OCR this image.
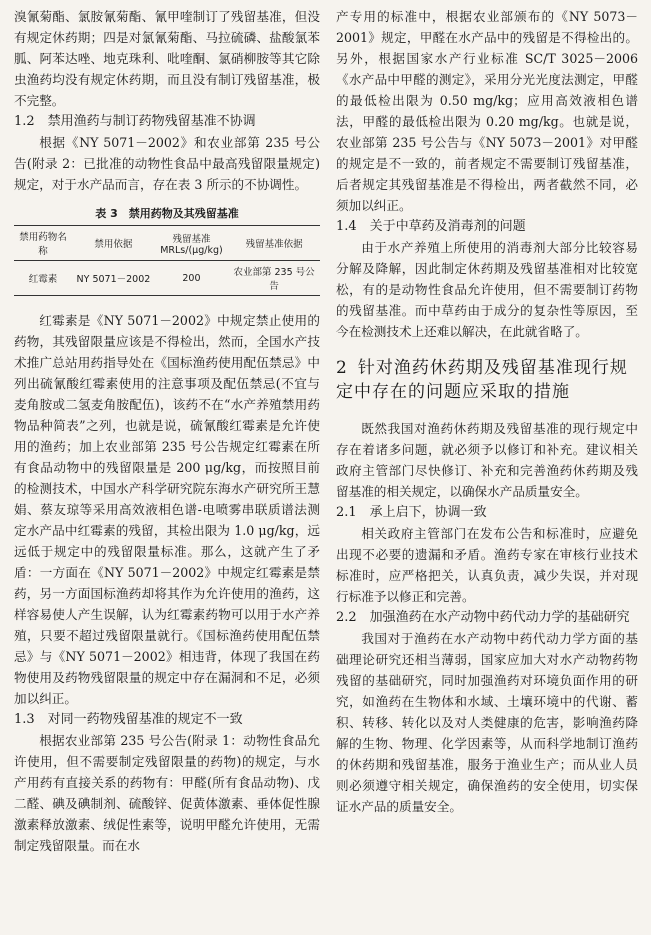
溴氰菊酯、氯胺氰菊酯、氰甲喹制订了残留基准，但没有规定休药期；四是对氯氰菊酯、马拉硫磷、盐酸氯苯胍、阿苯达唑、地克珠利、吡喹酮、氯硝柳胺等其它除虫渔药均没有规定休药期，而且没有制订残留基准，极不完整。

1.2　禁用渔药与制订药物残留基准不协调

根据《NY 5071－2002》和农业部第 235 号公告(附录 2：已批准的动物性食品中最高残留限量规定)规定，对于水产品而言，存在表 3 所示的不协调性。

表 3　禁用药物及其残留基准
禁用药物名称	禁用依据	残留基准 MRLs/(μg/kg)	残留基准依据
红霉素	NY 5071－2002	200	农业部第 235 号公告

红霉素是《NY 5071－2002》中规定禁止使用的药物，其残留限量应该是不得检出，然而，全国水产技术推广总站用药指导处在《国标渔药使用配伍禁忌》中列出硫氰酸红霉素使用的注意事项及配伍禁忌(不宜与麦角胺或二氢麦角胺配伍)，该药不在“水产养殖禁用药物品种简表”之列，也就是说，硫氰酸红霉素是允许使用的渔药；加上农业部第 235 号公告规定红霉素在所有食品动物中的残留限量是 200 μg/kg，而按照目前的检测技术，中国水产科学研究院东海水产研究所王慧娟、蔡友琼等采用高效液相色谱-电喷雾串联质谱法测定水产品中红霉素的残留，其检出限为 1.0 μg/kg，远远低于规定中的残留限量标准。那么，这就产生了矛盾：一方面在《NY 5071－2002》中规定红霉素是禁药，另一方面国标渔药却将其作为允许使用的渔药，这样容易使人产生误解，认为红霉素药物可以用于水产养殖，只要不超过残留限量就行。《国标渔药使用配伍禁忌》与《NY 5071－2002》相违背，体现了我国在药物使用及药物残留限量的规定中存在漏洞和不足，必须加以纠正。

1.3　对同一药物残留基准的规定不一致

根据农业部第 235 号公告(附录 1：动物性食品允许使用，但不需要制定残留限量的药物)的规定，与水产用药有直接关系的药物有：甲醛(所有食品动物)、戊二醛、碘及碘制剂、硫酸锌、促黄体激素、垂体促性腺激素释放激素、绒促性素等，说明甲醛允许使用，无需制定残留限量。而在水

产专用的标准中，根据农业部颁布的《NY 5073－2001》规定，甲醛在水产品中的残留是不得检出的。另外，根据国家水产行业标准 SC/T 3025－2006《水产品中甲醛的测定》，采用分光光度法测定，甲醛的最低检出限为 0.50 mg/kg；应用高效液相色谱法，甲醛的最低检出限为 0.20 mg/kg。也就是说，农业部第 235 号公告与《NY 5073－2001》对甲醛的规定是不一致的，前者规定不需要制订残留基准，后者规定其残留基准是不得检出，两者截然不同，必须加以纠正。

1.4　关于中草药及消毒剂的问题

由于水产养殖上所使用的消毒剂大部分比较容易分解及降解，因此制定休药期及残留基准相对比较宽松，有的是动物性食品允许使用，但不需要制订药物的残留基准。而中草药由于成分的复杂性等原因，至今在检测技术上还难以解决，在此就省略了。

2 针对渔药休药期及残留基准现行规定中存在的问题应采取的措施

既然我国对渔药休药期及残留基准的现行规定中存在着诸多问题，就必须予以修订和补充。建议相关政府主管部门尽快修订、补充和完善渔药休药期及残留基准的相关规定，以确保水产品质量安全。

2.1　承上启下，协调一致

相关政府主管部门在发布公告和标准时，应避免出现不必要的遗漏和矛盾。渔药专家在审核行业技术标准时，应严格把关，认真负责，减少失误，并对现行标准予以修正和完善。

2.2　加强渔药在水产动物中药代动力学的基础研究

我国对于渔药在水产动物中药代动力学方面的基础理论研究还相当薄弱，国家应加大对水产动物药物残留的基础研究，同时加强渔药对环境负面作用的研究，如渔药在生物体和水域、土壤环境中的代谢、蓄积、转移、转化以及对人类健康的危害，影响渔药降解的生物、物理、化学因素等，从而科学地制订渔药的休药期和残留基准，服务于渔业生产；而从业人员则必须遵守相关规定，确保渔药的安全使用，切实保证水产品的质量安全。
